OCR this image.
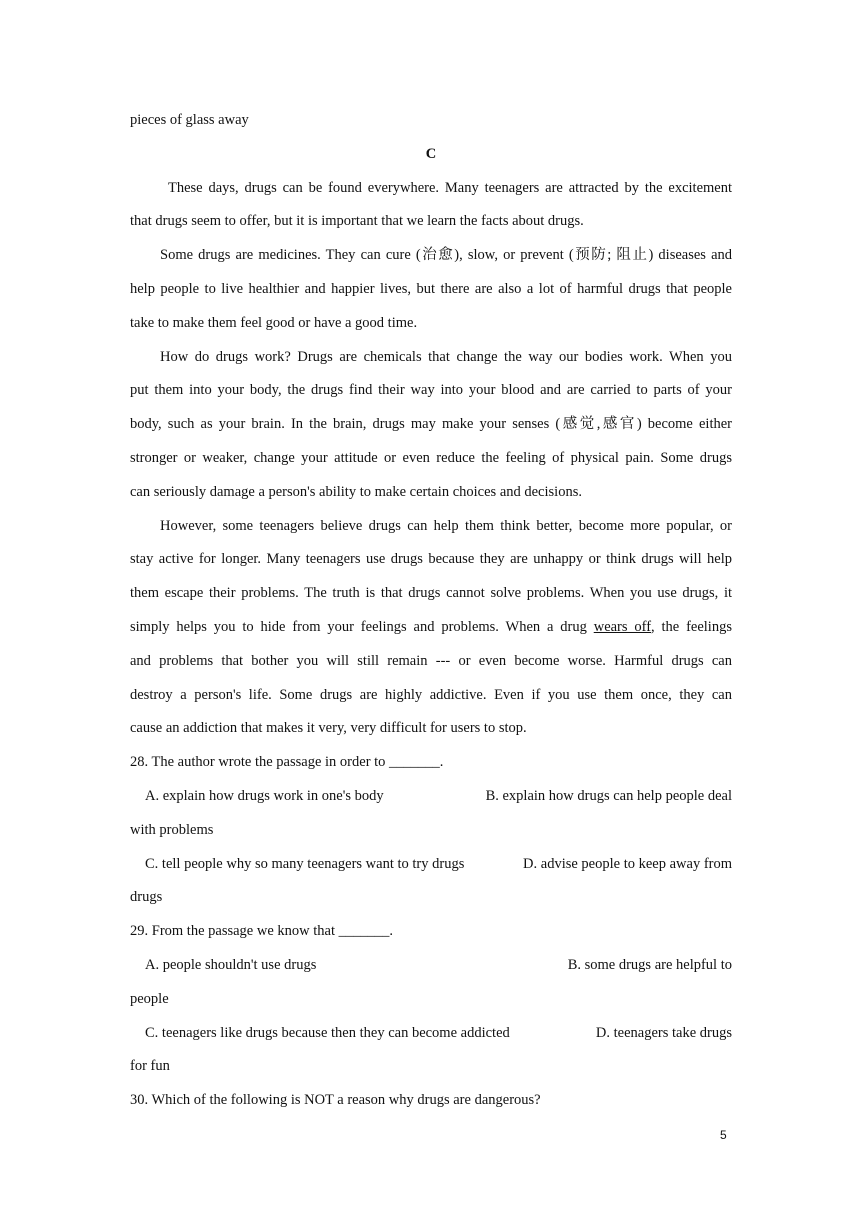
pieces of glass away
C
These days, drugs can be found everywhere. Many teenagers are attracted by the excitement
that drugs seem to offer, but it is important that we learn the facts about drugs.
Some drugs are medicines. They can cure (治愈), slow, or prevent (预防; 阻止) diseases and
help people to live healthier and happier lives, but there are also a lot of harmful drugs that people
take to make them feel good or have a good time.
How do drugs work? Drugs are chemicals that change the way our bodies work. When you
put them into your body, the drugs find their way into your blood and are carried to parts of your
body, such as your brain. In the brain, drugs may make your senses (感觉,感官) become either
stronger or weaker, change your attitude or even reduce the feeling of physical pain. Some drugs
can seriously damage a person's ability to make certain choices and decisions.
However, some teenagers believe drugs can help them think better, become more popular, or
stay active for longer. Many teenagers use drugs because they are unhappy or think drugs will help
them escape their problems. The truth is that drugs cannot solve problems. When you use drugs, it
simply helps you to hide from your feelings and problems. When a drug wears off, the feelings
and problems that bother you will still remain --- or even become worse. Harmful drugs can
destroy a person's life. Some drugs are highly addictive. Even if you use them once, they can
cause an addiction that makes it very, very difficult for users to stop.
28. The author wrote the passage in order to _______.
A. explain how drugs work in one's body	B. explain how drugs can help people deal
with problems
C. tell people why so many teenagers want to try drugs	D. advise people to keep away from
drugs
29. From the passage we know that _______.
A. people shouldn't use drugs	B. some drugs are helpful to
people
C. teenagers like drugs because then they can become addicted	D. teenagers take drugs
for fun
30. Which of the following is NOT a reason why drugs are dangerous?
5
